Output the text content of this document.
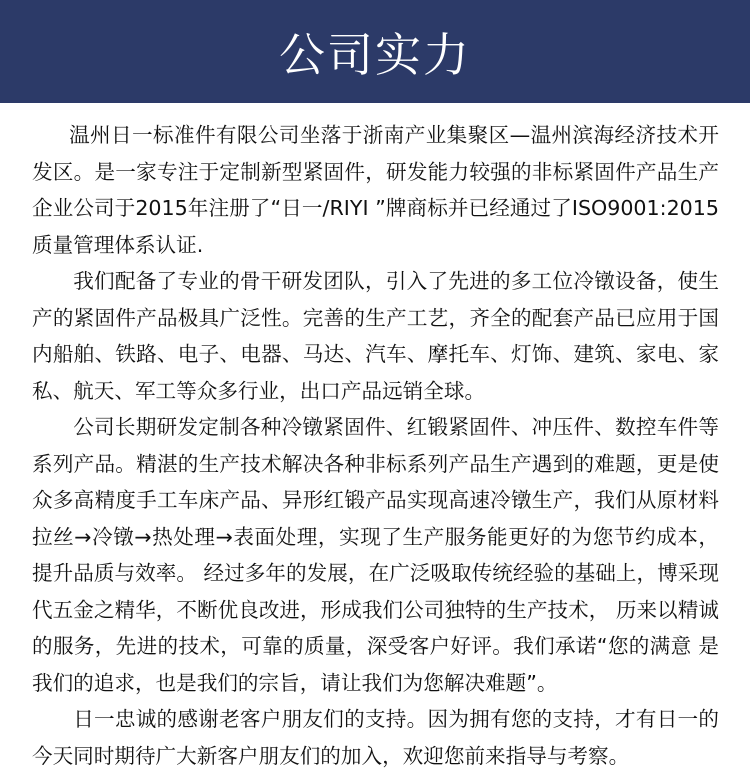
公司实力

温州日一标准件有限公司坐落于浙南产业集聚区—温州滨海经济技术开发区。是一家专注于定制新型紧固件，研发能力较强的非标紧固件产品生产企业公司于2015年注册了“日一/RIYI ”牌商标并已经通过了ISO9001:2015质量管理体系认证.

我们配备了专业的骨干研发团队，引入了先进的多工位冷镦设备，使生产的紧固件产品极具广泛性。完善的生产工艺，齐全的配套产品已应用于国内船舶、铁路、电子、电器、马达、汽车、摩托车、灯饰、建筑、家电、家私、航天、军工等众多行业，出口产品远销全球。

公司长期研发定制各种冷镦紧固件、红锻紧固件、冲压件、数控车件等系列产品。精湛的生产技术解决各种非标系列产品生产遇到的难题，更是使众多高精度手工车床产品、异形红锻产品实现高速冷镦生产，我们从原材料拉丝→冷镦→热处理→表面处理，实现了生产服务能更好的为您节约成本，提升品质与效率。 经过多年的发展，在广泛吸取传统经验的基础上，博采现代五金之精华，不断优良改进，形成我们公司独特的生产技术， 历来以精诚的服务，先进的技术，可靠的质量，深受客户好评。我们承诺“您的满意 是我们的追求，也是我们的宗旨，请让我们为您解决难题”。

日一忠诚的感谢老客户朋友们的支持。因为拥有您的支持，才有日一的今天同时期待广大新客户朋友们的加入，欢迎您前来指导与考察。
